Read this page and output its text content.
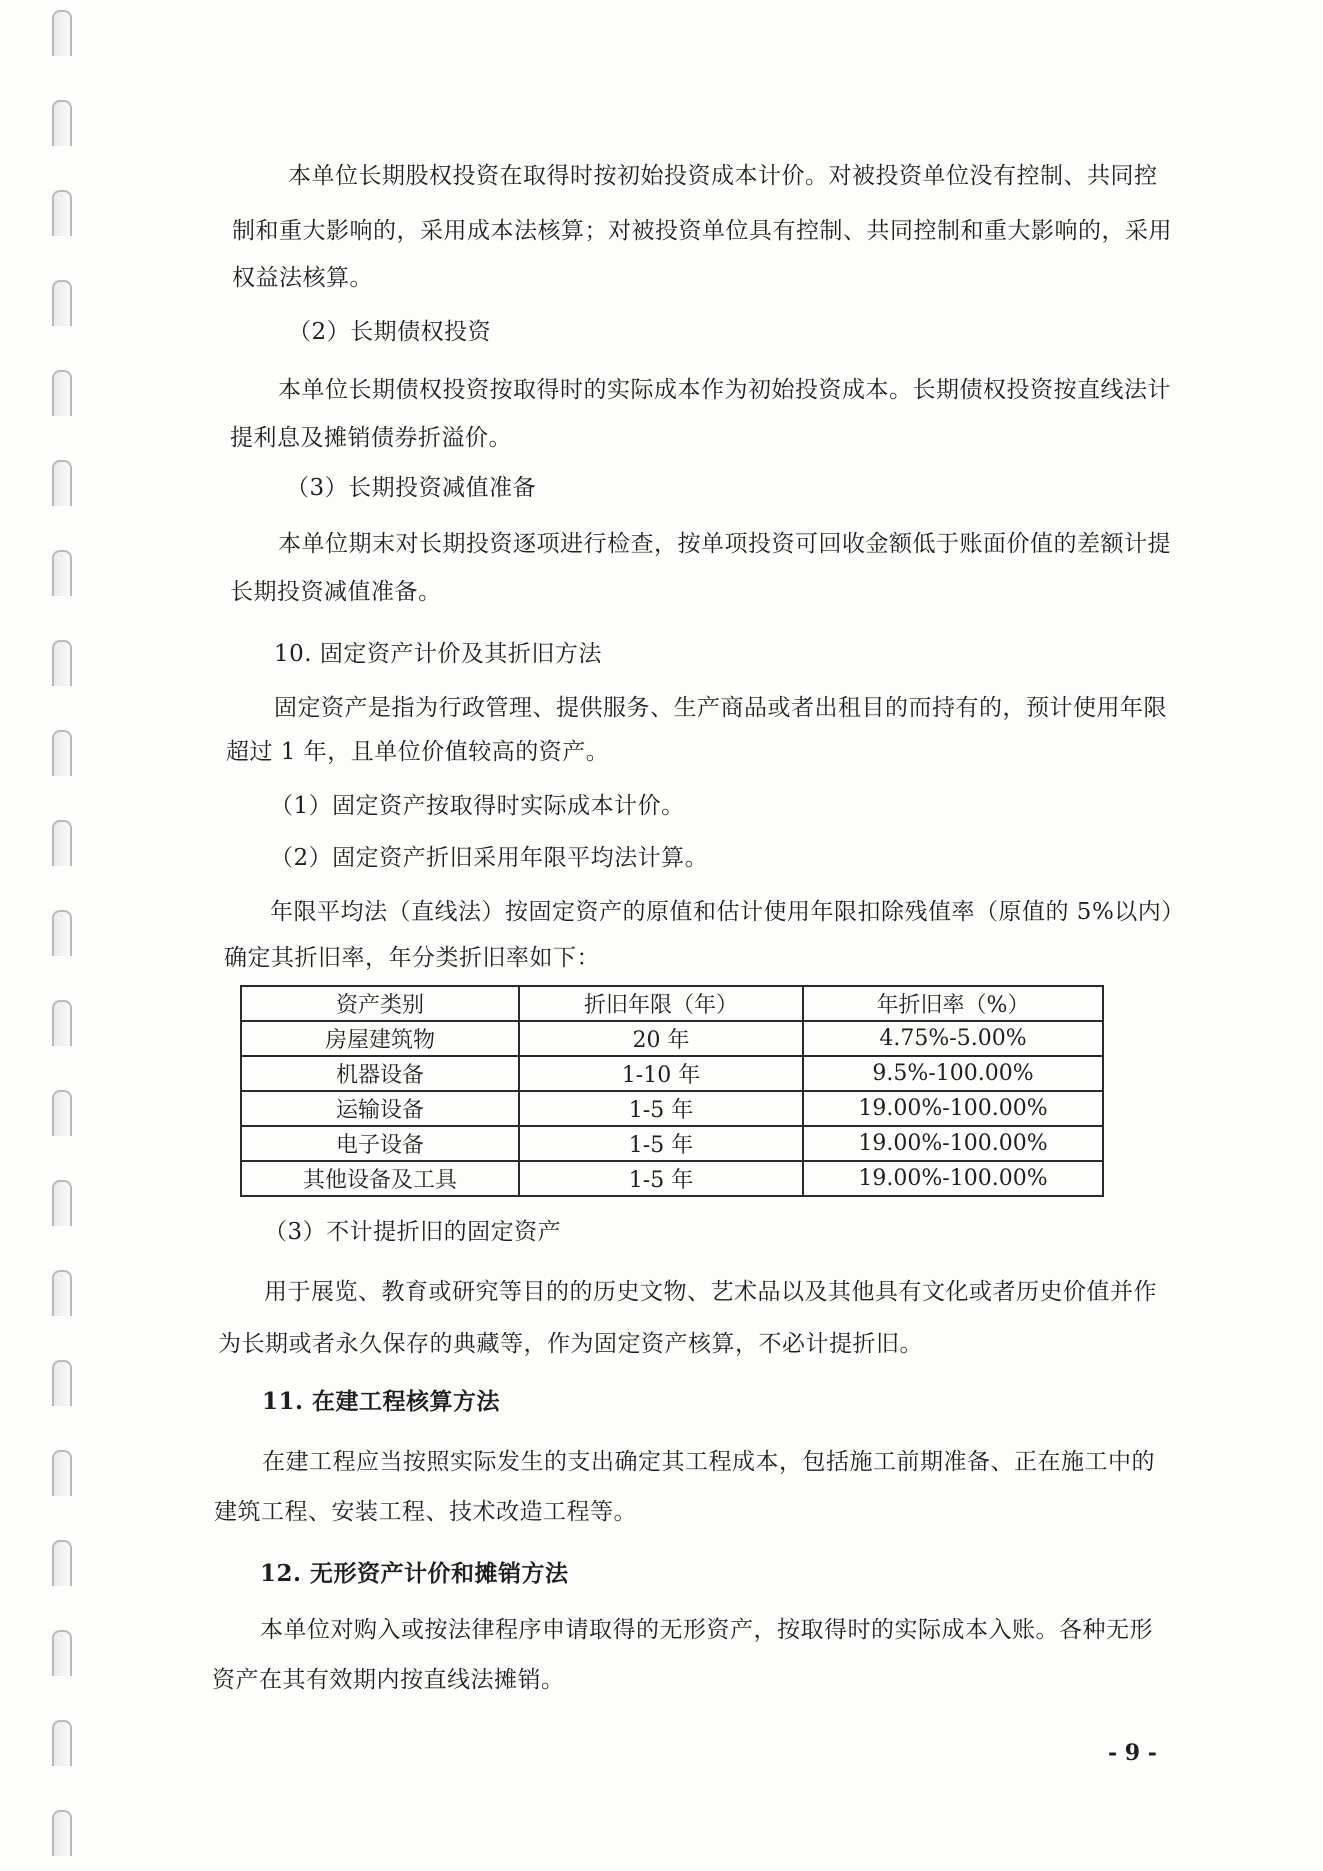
本单位长期股权投资在取得时按初始投资成本计价。对被投资单位没有控制、共同控
制和重大影响的，采用成本法核算；对被投资单位具有控制、共同控制和重大影响的，采用
权益法核算。
（2）长期债权投资
本单位长期债权投资按取得时的实际成本作为初始投资成本。长期债权投资按直线法计
提利息及摊销债券折溢价。
（3）长期投资减值准备
本单位期末对长期投资逐项进行检查，按单项投资可回收金额低于账面价值的差额计提
长期投资减值准备。
10. 固定资产计价及其折旧方法
固定资产是指为行政管理、提供服务、生产商品或者出租目的而持有的，预计使用年限
超过 1 年，且单位价值较高的资产。
（1）固定资产按取得时实际成本计价。
（2）固定资产折旧采用年限平均法计算。
年限平均法（直线法）按固定资产的原值和估计使用年限扣除残值率（原值的 5%以内）
确定其折旧率，年分类折旧率如下：
资产类别	折旧年限（年）	年折旧率（%）
房屋建筑物	20 年	4.75%-5.00%
机器设备	1-10 年	9.5%-100.00%
运输设备	1-5 年	19.00%-100.00%
电子设备	1-5 年	19.00%-100.00%
其他设备及工具	1-5 年	19.00%-100.00%
（3）不计提折旧的固定资产
用于展览、教育或研究等目的的历史文物、艺术品以及其他具有文化或者历史价值并作
为长期或者永久保存的典藏等，作为固定资产核算，不必计提折旧。
11. 在建工程核算方法
在建工程应当按照实际发生的支出确定其工程成本，包括施工前期准备、正在施工中的
建筑工程、安装工程、技术改造工程等。
12. 无形资产计价和摊销方法
本单位对购入或按法律程序申请取得的无形资产，按取得时的实际成本入账。各种无形
资产在其有效期内按直线法摊销。
- 9 -
